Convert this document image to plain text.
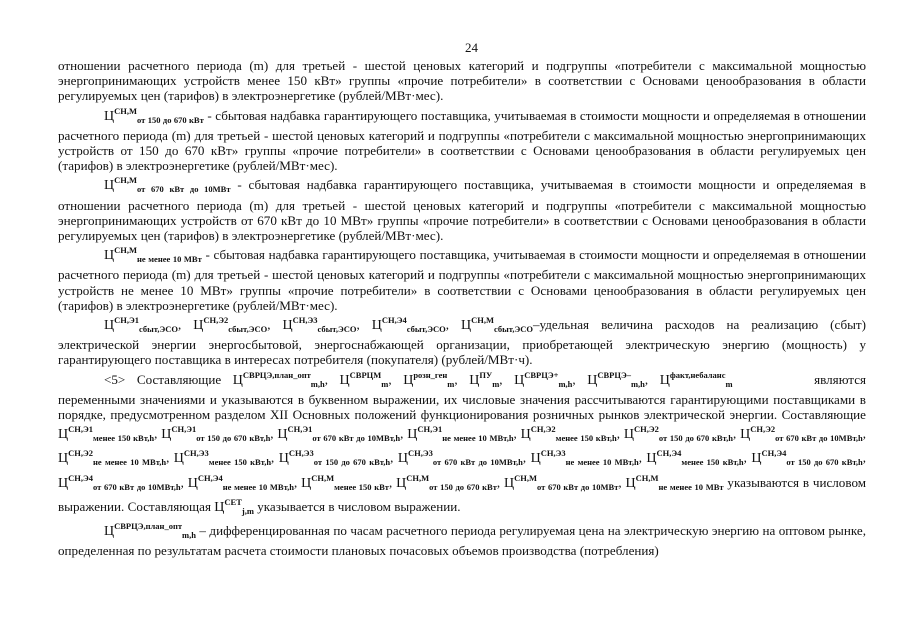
24

отношении расчетного периода (m) для третьей - шестой ценовых категорий и подгруппы «потребители с максимальной мощностью энергопринимающих устройств менее 150 кВт» группы «прочие потребители» в соответствии с Основами ценообразования в области регулируемых цен (тарифов) в электроэнергетике (рублей/МВт·мес).

$Ц^{СН,М}_{от 150 до 670 кВт}$ - сбытовая надбавка гарантирующего поставщика, учитываемая в стоимости мощности и определяемая в отношении расчетного периода (m) для третьей - шестой ценовых категорий и подгруппы «потребители с максимальной мощностью энергопринимающих устройств от 150 до 670 кВт» группы «прочие потребители» в соответствии с Основами ценообразования в области регулируемых цен (тарифов) в электроэнергетике (рублей/МВт·мес).

$Ц^{СН,М}_{от 670 кВт до 10МВт}$ - сбытовая надбавка гарантирующего поставщика, учитываемая в стоимости мощности и определяемая в отношении расчетного периода (m) для третьей - шестой ценовых категорий и подгруппы «потребители с максимальной мощностью энергопринимающих устройств от 670 кВт до 10 МВт» группы «прочие потребители» в соответствии с Основами ценообразования в области регулируемых цен (тарифов) в электроэнергетике (рублей/МВт·мес).

$Ц^{СН,М}_{не менее 10 МВт}$ - сбытовая надбавка гарантирующего поставщика, учитываемая в стоимости мощности и определяемая в отношении расчетного периода (m) для третьей - шестой ценовых категорий и подгруппы «потребители с максимальной мощностью энергопринимающих устройств не менее 10 МВт» группы «прочие потребители» в соответствии с Основами ценообразования в области регулируемых цен (тарифов) в электроэнергетике (рублей/МВт·мес).

$Ц^{СН,Э1}_{сбыт,ЭСО}$, $Ц^{СН,Э2}_{сбыт,ЭСО}$, $Ц^{СН,Э3}_{сбыт,ЭСО}$, $Ц^{СН,Э4}_{сбыт,ЭСО}$, $Ц^{СН,М}_{сбыт,ЭСО}$–удельная величина расходов на реализацию (сбыт) электрической энергии энергосбытовой, энергоснабжающей организации, приобретающей электрическую энергию (мощность) у гарантирующего поставщика в интересах потребителя (покупателя) (рублей/МВт·ч).

<5> Составляющие $Ц^{СВРЦЭ,план\_опт}_{m,h}$, $Ц^{СВРЦМ}_m$, $Ц^{розн\_ген}_m$, $Ц^{ПУ}_m$, $Ц^{СВРЦЭ+}_{m,h}$, $Ц^{СВРЦЭ-}_{m,h}$, $Ц^{факт,небаланс}_m$	являются переменными значениями и указываются в буквенном выражении, их числовые значения рассчитываются гарантирующими поставщиками в порядке, предусмотренном разделом XII Основных положений функционирования розничных рынков электрической энергии. Составляющие $Ц^{СН,Э1}_{менее 150 кВт,h}$, $Ц^{СН,Э1}_{от 150 до 670 кВт,h}$, $Ц^{СН,Э1}_{от 670 кВт до 10МВт,h}$, $Ц^{СН,Э1}_{не менее 10 МВт,h}$, $Ц^{СН,Э2}_{менее 150 кВт,h}$, $Ц^{СН,Э2}_{от 150 до 670 кВт,h}$, $Ц^{СН,Э2}_{от 670 кВт до 10МВт,h}$, $Ц^{СН,Э2}_{не менее 10 МВт,h}$, $Ц^{СН,Э3}_{менее 150 кВт,h}$, $Ц^{СН,Э3}_{от 150 до 670 кВт,h}$, $Ц^{СН,Э3}_{от 670 кВт до 10МВт,h}$, $Ц^{СН,Э3}_{не менее 10 МВт,h}$, $Ц^{СН,Э4}_{менее 150 кВт,h}$, $Ц^{СН,Э4}_{от 150 до 670 кВт,h}$, $Ц^{СН,Э4}_{от 670 кВт до 10МВт,h}$, $Ц^{СН,Э4}_{не менее 10 МВт,h}$, $Ц^{СН,М}_{менее 150 кВт}$, $Ц^{СН,М}_{от 150 до 670 кВт}$, $Ц^{СН,М}_{от 670 кВт до 10МВт}$, $Ц^{СН,М}_{не менее 10 МВт}$ указываются в числовом выражении. Составляющая $Ц^{СЕТ}_{j,m}$ указывается в числовом выражении.

$Ц^{СВРЦЭ,план\_опт}_{m,h}$ – дифференцированная по часам расчетного периода регулируемая цена на электрическую энергию на оптовом рынке, определенная по результатам расчета стоимости плановых почасовых объемов производства (потребления)
